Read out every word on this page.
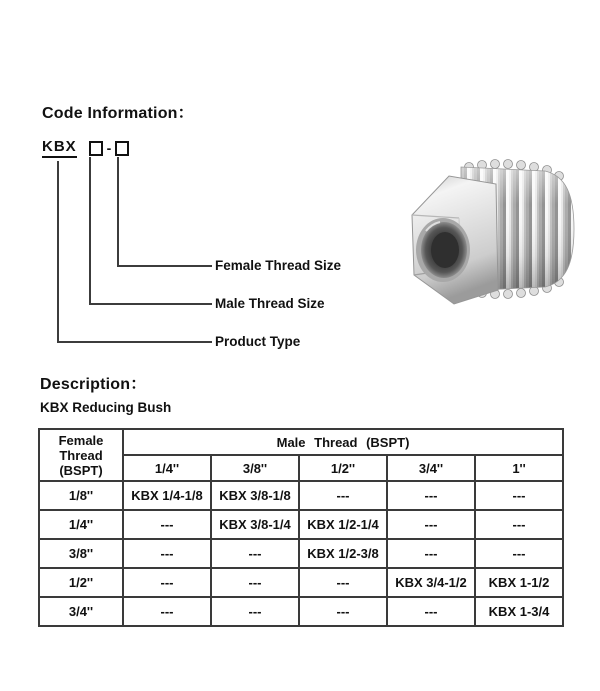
Code Information：
KBX -
Female Thread Size
Male Thread Size
Product Type
Description：
KBX Reducing Bush
Female Thread (BSPT)	Male Thread (BSPT)				
	1/4''	3/8''	1/2''	3/4''	1''
1/8''	KBX 1/4-1/8	KBX 3/8-1/8	---	---	---
1/4''	---	KBX 3/8-1/4	KBX 1/2-1/4	---	---
3/8''	---	---	KBX 1/2-3/8	---	---
1/2''	---	---	---	KBX 3/4-1/2	KBX 1-1/2
3/4''	---	---	---	---	KBX 1-3/4
